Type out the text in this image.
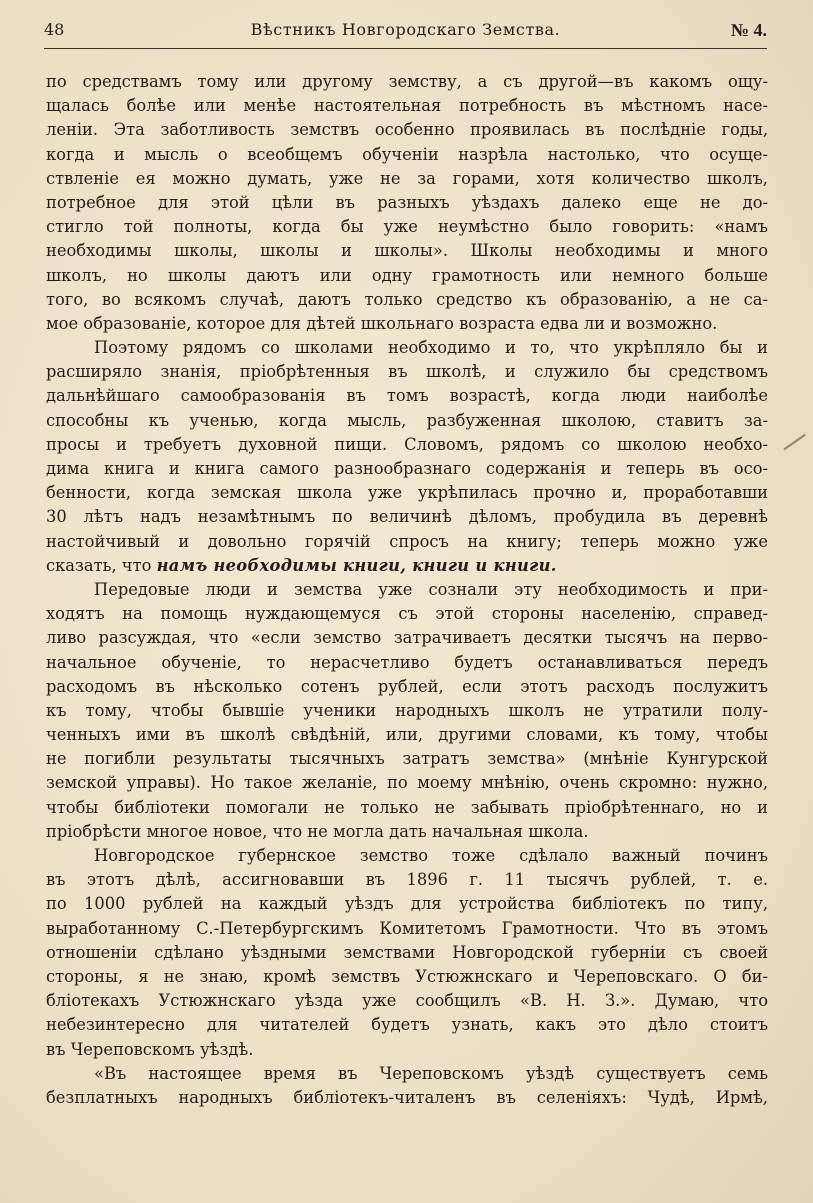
48	Вѣстникъ Новгородскаго Земства.	№ 4.
по средствамъ тому или другому земству, а съ другой—въ какомъ ощу-
щалась болѣе или менѣе настоятельная потребность въ мѣстномъ насе-
леніи. Эта заботливость земствъ особенно проявилась въ послѣдніе годы,
когда и мысль о всеобщемъ обученіи назрѣла настолько, что осуще-
ствленіе ея можно думать, уже не за горами, хотя количество школъ,
потребное для этой цѣли въ разныхъ уѣздахъ далеко еще не до-
стигло той полноты, когда бы уже неумѣстно было говорить: «намъ
необходимы школы, школы и школы». Школы необходимы и много
школъ, но школы даютъ или одну грамотность или немного больше
того, во всякомъ случаѣ, даютъ только средство къ образованію, а не са-
мое образованіе, которое для дѣтей школьнаго возраста едва ли и возможно.
Поэтому рядомъ со школами необходимо и то, что укрѣпляло бы и
расширяло знанія, пріобрѣтенныя въ школѣ, и служило бы средствомъ
дальнѣйшаго самообразованія въ томъ возрастѣ, когда люди наиболѣе
способны къ ученью, когда мысль, разбуженная школою, ставитъ за-
просы и требуетъ духовной пищи. Словомъ, рядомъ со школою необхо-
дима книга и книга самого разнообразнаго содержанія и теперь въ осо-
бенности, когда земская школа уже укрѣпилась прочно и, проработавши
30 лѣтъ надъ незамѣтнымъ по величинѣ дѣломъ, пробудила въ деревнѣ
настойчивый и довольно горячій спросъ на книгу; теперь можно уже
сказать, что намъ необходимы книги, книги и книги.
Передовые люди и земства уже сознали эту необходимость и при-
ходятъ на помощь нуждающемуся съ этой стороны населенію, справед-
ливо разсуждая, что «если земство затрачиваетъ десятки тысячъ на перво-
начальное обученіе, то нерасчетливо будетъ останавливаться передъ
расходомъ въ нѣсколько сотенъ рублей, если этотъ расходъ послужитъ
къ тому, чтобы бывшіе ученики народныхъ школъ не утратили полу-
ченныхъ ими въ школѣ свѣдѣній, или, другими словами, къ тому, чтобы
не погибли результаты тысячныхъ затратъ земства» (мнѣніе Кунгурской
земской управы). Но такое желаніе, по моему мнѣнію, очень скромно: нужно,
чтобы библіотеки помогали не только не забывать пріобрѣтеннаго, но и
пріобрѣсти многое новое, что не могла дать начальная школа.
Новгородское губернское земство тоже сдѣлало важный починъ
въ этотъ дѣлѣ, ассигновавши въ 1896 г. 11 тысячъ рублей, т. е.
по 1000 рублей на каждый уѣздъ для устройства библіотекъ по типу,
выработанному С.-Петербургскимъ Комитетомъ Грамотности. Что въ этомъ
отношеніи сдѣлано уѣздными земствами Новгородской губерніи съ своей
стороны, я не знаю, кромѣ земствъ Устюжнскаго и Череповскаго. О би-
бліотекахъ Устюжнскаго уѣзда уже сообщилъ «В. Н. З.». Думаю, что
небезинтересно для читателей будетъ узнать, какъ это дѣло стоитъ
въ Череповскомъ уѣздѣ.
«Въ настоящее время въ Череповскомъ уѣздѣ существуетъ семь
безплатныхъ народныхъ библіотекъ-читаленъ въ селеніяхъ: Чудѣ, Ирмѣ,
